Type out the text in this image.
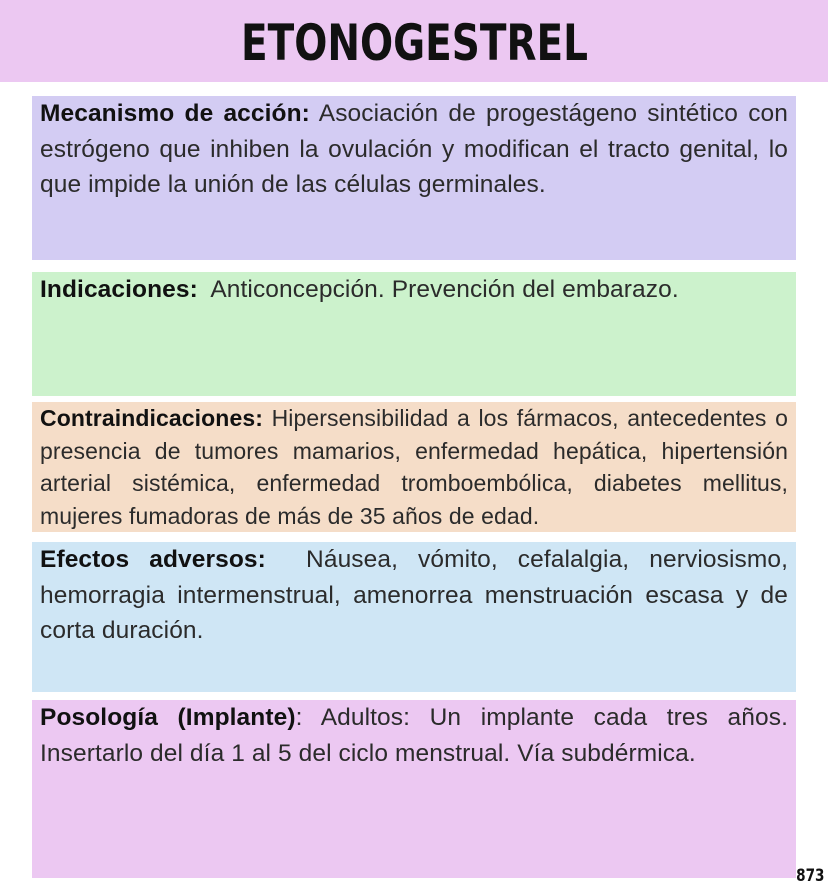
ETONOGESTREL

Mecanismo de acción: Asociación de progestágeno sintético con estrógeno que inhiben la ovulación y modifican el tracto genital, lo que impide la unión de las células germinales.

Indicaciones: Anticoncepción. Prevención del embarazo.

Contraindicaciones: Hipersensibilidad a los fármacos, antecedentes o presencia de tumores mamarios, enfermedad hepática, hipertensión arterial sistémica, enfermedad tromboembólica, diabetes mellitus, mujeres fumadoras de más de 35 años de edad.

Efectos adversos: Náusea, vómito, cefalalgia, nerviosismo, hemorragia intermenstrual, amenorrea menstruación escasa y de corta duración.

Posología (Implante): Adultos: Un implante cada tres años. Insertarlo del día 1 al 5 del ciclo menstrual. Vía subdérmica.

873
